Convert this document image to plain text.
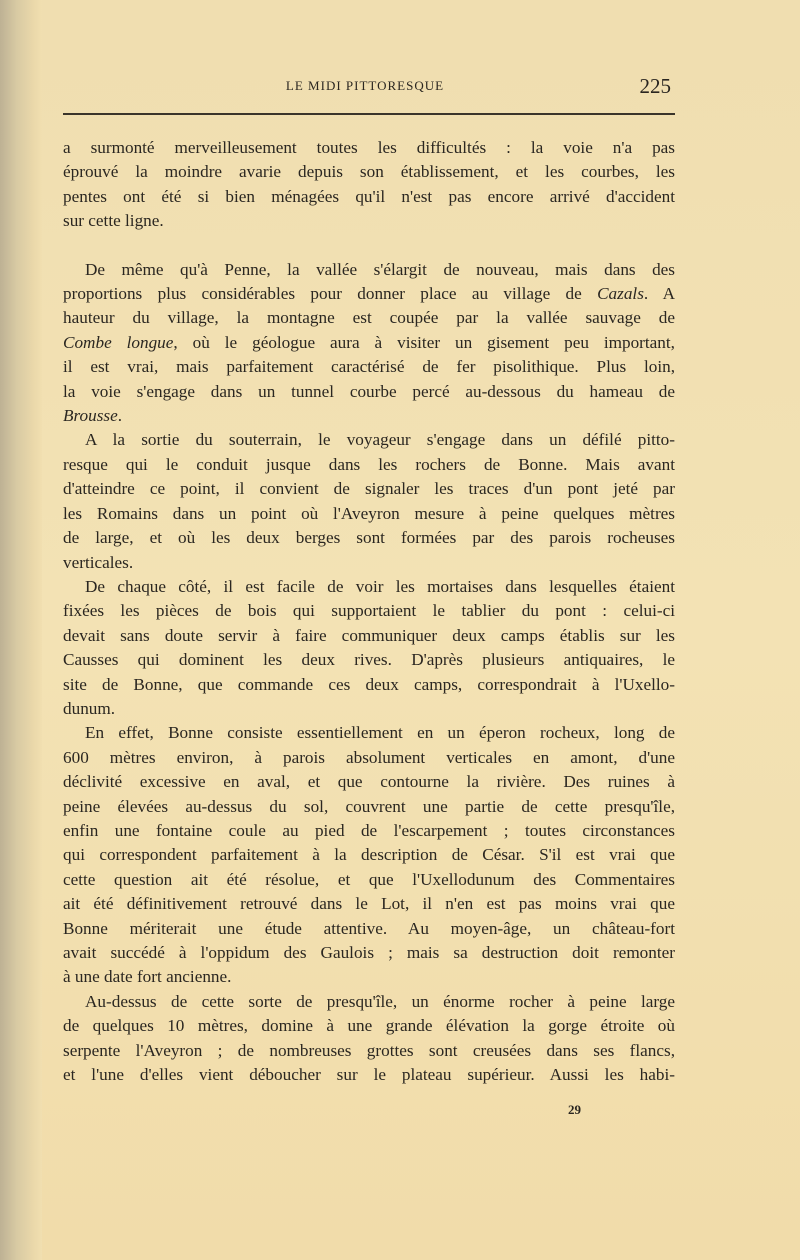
LE MIDI PITTORESQUE	225

a surmonté merveilleusement toutes les difficultés : la voie n'a pas
éprouvé la moindre avarie depuis son établissement, et les courbes, les
pentes ont été si bien ménagées qu'il n'est pas encore arrivé d'accident
sur cette ligne.

De même qu'à Penne, la vallée s'élargit de nouveau, mais dans des
proportions plus considérables pour donner place au village de Cazals. A
hauteur du village, la montagne est coupée par la vallée sauvage de
Combe longue, où le géologue aura à visiter un gisement peu important,
il est vrai, mais parfaitement caractérisé de fer pisolithique. Plus loin,
la voie s'engage dans un tunnel courbe percé au-dessous du hameau de
Brousse.

A la sortie du souterrain, le voyageur s'engage dans un défilé pitto-
resque qui le conduit jusque dans les rochers de Bonne. Mais avant
d'atteindre ce point, il convient de signaler les traces d'un pont jeté par
les Romains dans un point où l'Aveyron mesure à peine quelques mètres
de large, et où les deux berges sont formées par des parois rocheuses
verticales.

De chaque côté, il est facile de voir les mortaises dans lesquelles étaient
fixées les pièces de bois qui supportaient le tablier du pont : celui-ci
devait sans doute servir à faire communiquer deux camps établis sur les
Causses qui dominent les deux rives. D'après plusieurs antiquaires, le
site de Bonne, que commande ces deux camps, correspondrait à l'Uxello-
dunum.

En effet, Bonne consiste essentiellement en un éperon rocheux, long de
600 mètres environ, à parois absolument verticales en amont, d'une
déclivité excessive en aval, et que contourne la rivière. Des ruines à
peine élevées au-dessus du sol, couvrent une partie de cette presqu'île,
enfin une fontaine coule au pied de l'escarpement ; toutes circonstances
qui correspondent parfaitement à la description de César. S'il est vrai que
cette question ait été résolue, et que l'Uxellodunum des Commentaires
ait été définitivement retrouvé dans le Lot, il n'en est pas moins vrai que
Bonne mériterait une étude attentive. Au moyen-âge, un château-fort
avait succédé à l'oppidum des Gaulois ; mais sa destruction doit remonter
à une date fort ancienne.

Au-dessus de cette sorte de presqu'île, un énorme rocher à peine large
de quelques 10 mètres, domine à une grande élévation la gorge étroite où
serpente l'Aveyron ; de nombreuses grottes sont creusées dans ses flancs,
et l'une d'elles vient déboucher sur le plateau supérieur. Aussi les habi-

29
